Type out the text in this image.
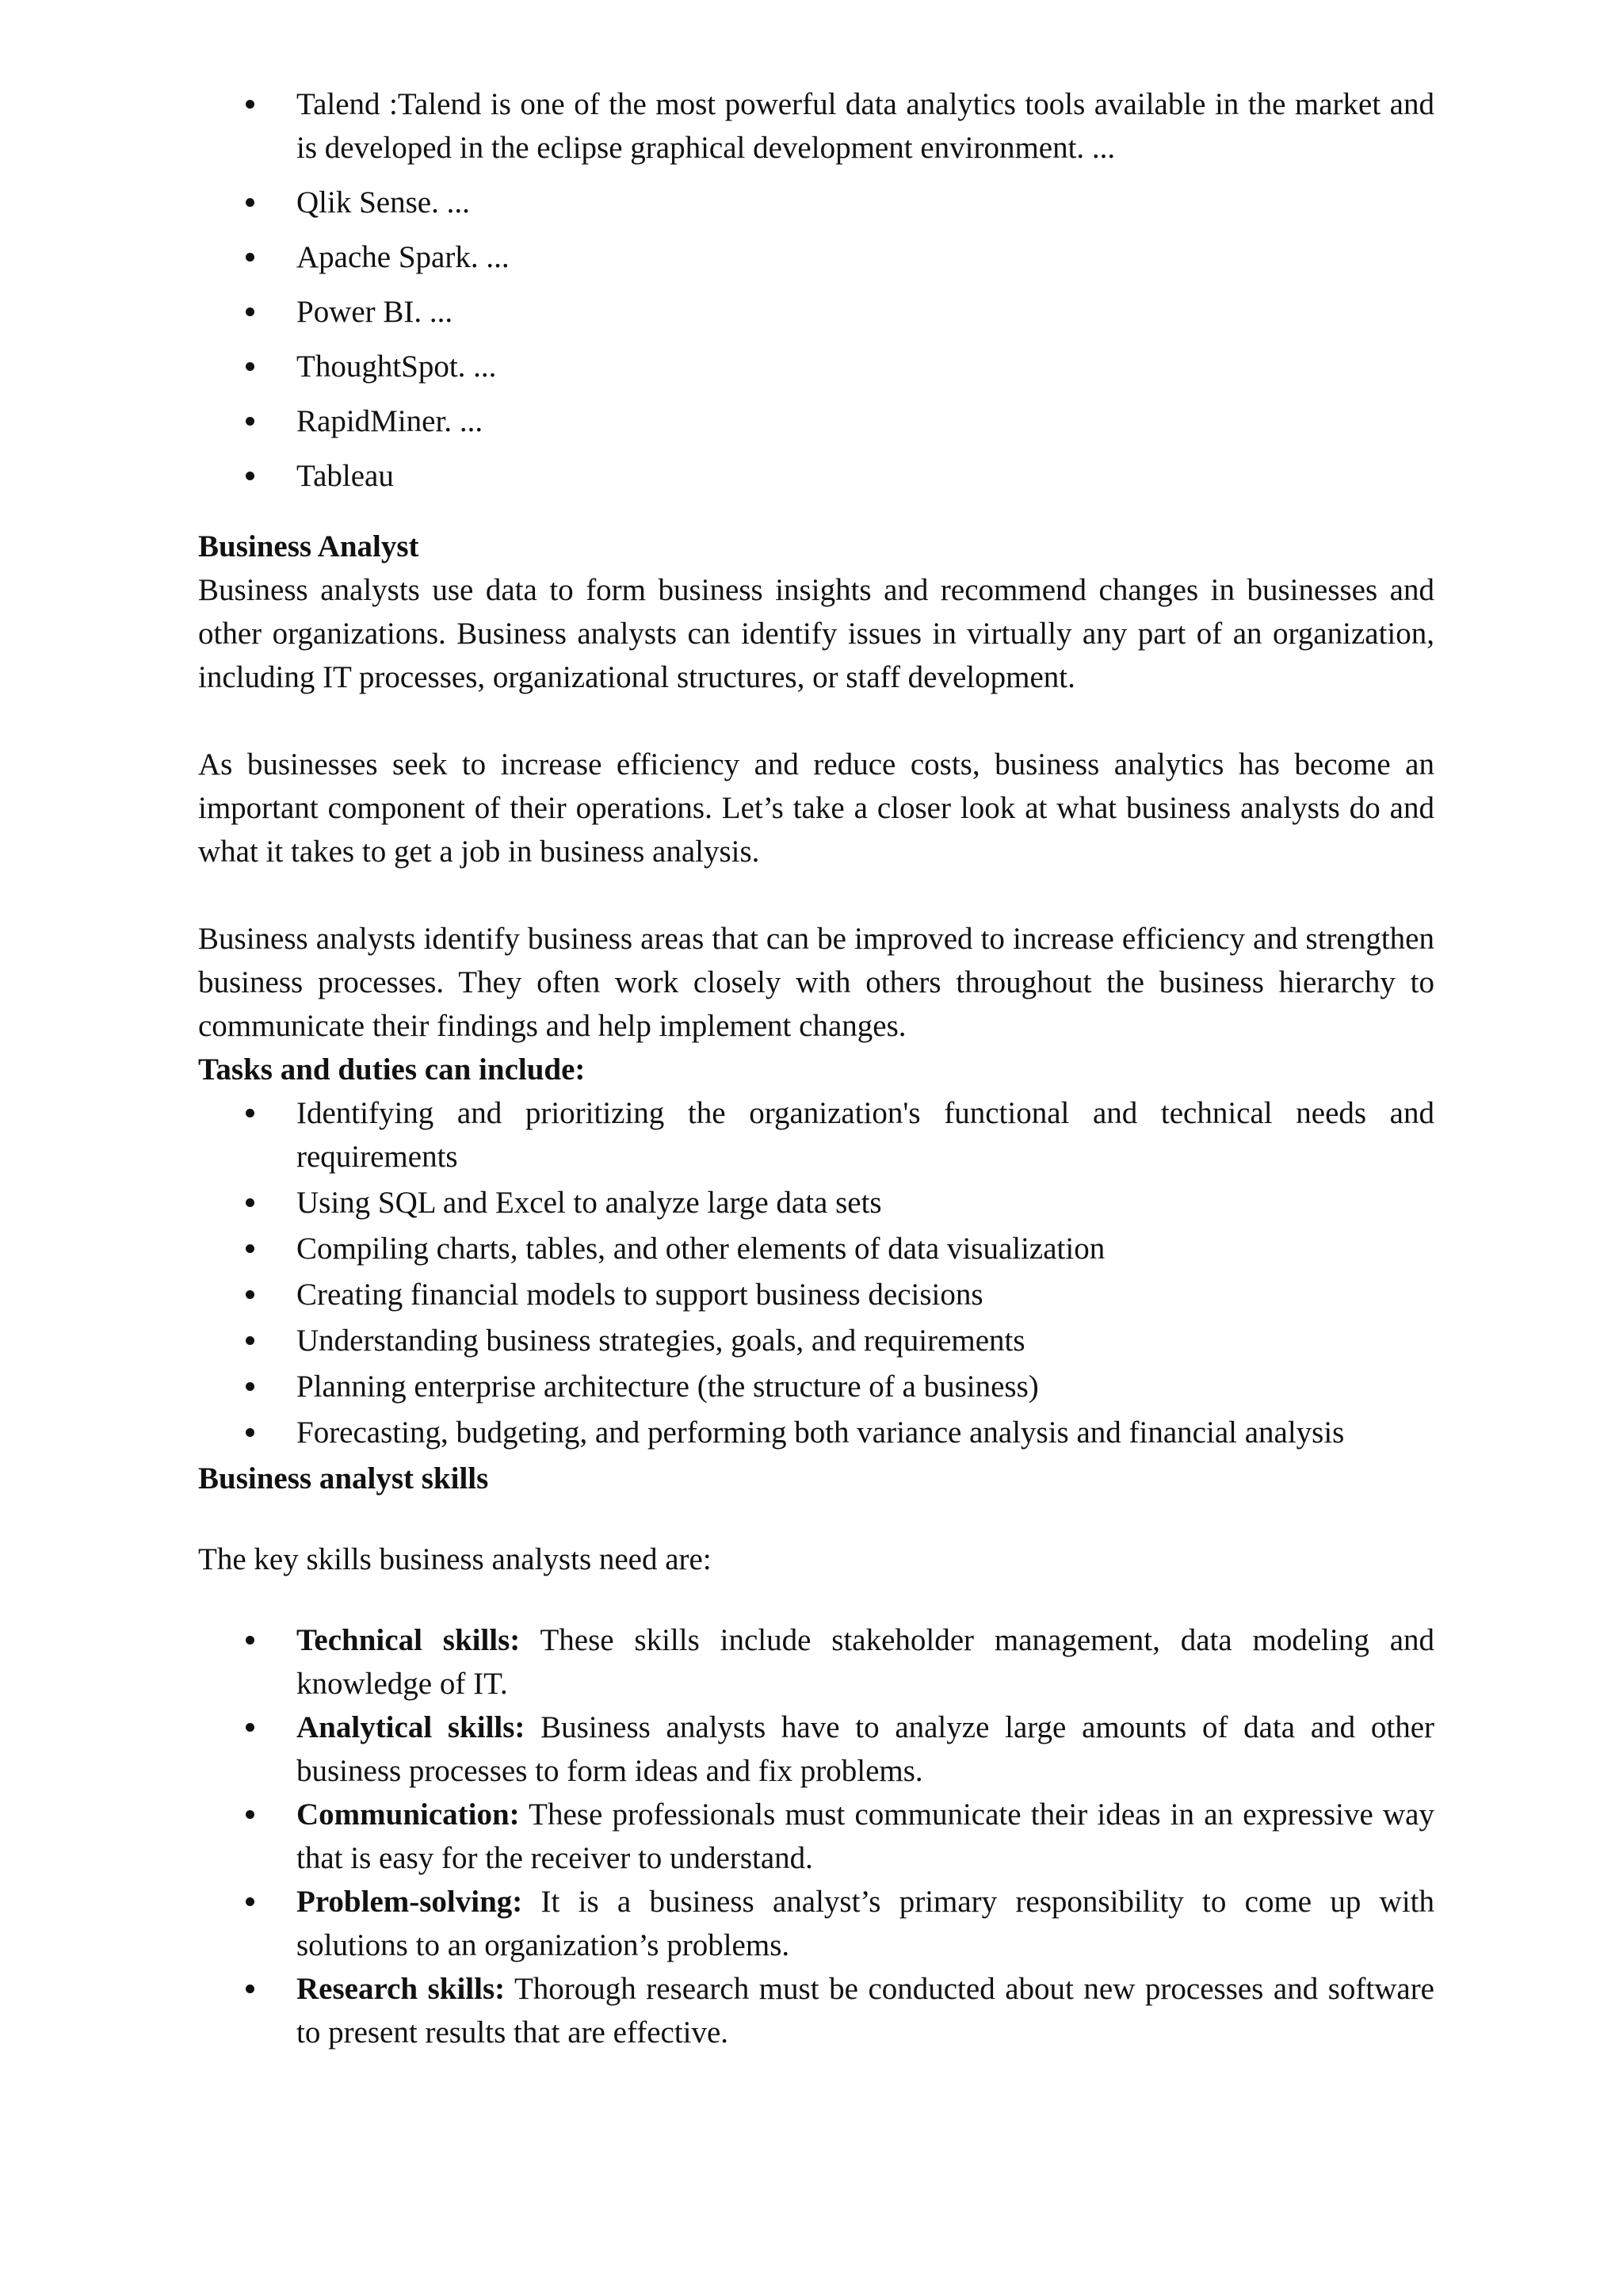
Talend :Talend is one of the most powerful data analytics tools available in the market and is developed in the eclipse graphical development environment. ...
Qlik Sense. ...
Apache Spark. ...
Power BI. ...
ThoughtSpot. ...
RapidMiner. ...
Tableau
Business Analyst

Business analysts use data to form business insights and recommend changes in businesses and other organizations. Business analysts can identify issues in virtually any part of an organization, including IT processes, organizational structures, or staff development.

As businesses seek to increase efficiency and reduce costs, business analytics has become an important component of their operations. Let’s take a closer look at what business analysts do and what it takes to get a job in business analysis.

Business analysts identify business areas that can be improved to increase efficiency and strengthen business processes. They often work closely with others throughout the business hierarchy to communicate their findings and help implement changes.

Tasks and duties can include:
Identifying and prioritizing the organization's functional and technical needs and requirements
Using SQL and Excel to analyze large data sets
Compiling charts, tables, and other elements of data visualization
Creating financial models to support business decisions
Understanding business strategies, goals, and requirements
Planning enterprise architecture (the structure of a business)
Forecasting, budgeting, and performing both variance analysis and financial analysis
Business analyst skills

The key skills business analysts need are:

Technical skills: These skills include stakeholder management, data modeling and knowledge of IT.
Analytical skills: Business analysts have to analyze large amounts of data and other business processes to form ideas and fix problems.
Communication: These professionals must communicate their ideas in an expressive way that is easy for the receiver to understand.
Problem-solving: It is a business analyst’s primary responsibility to come up with solutions to an organization’s problems.
Research skills: Thorough research must be conducted about new processes and software to present results that are effective.
